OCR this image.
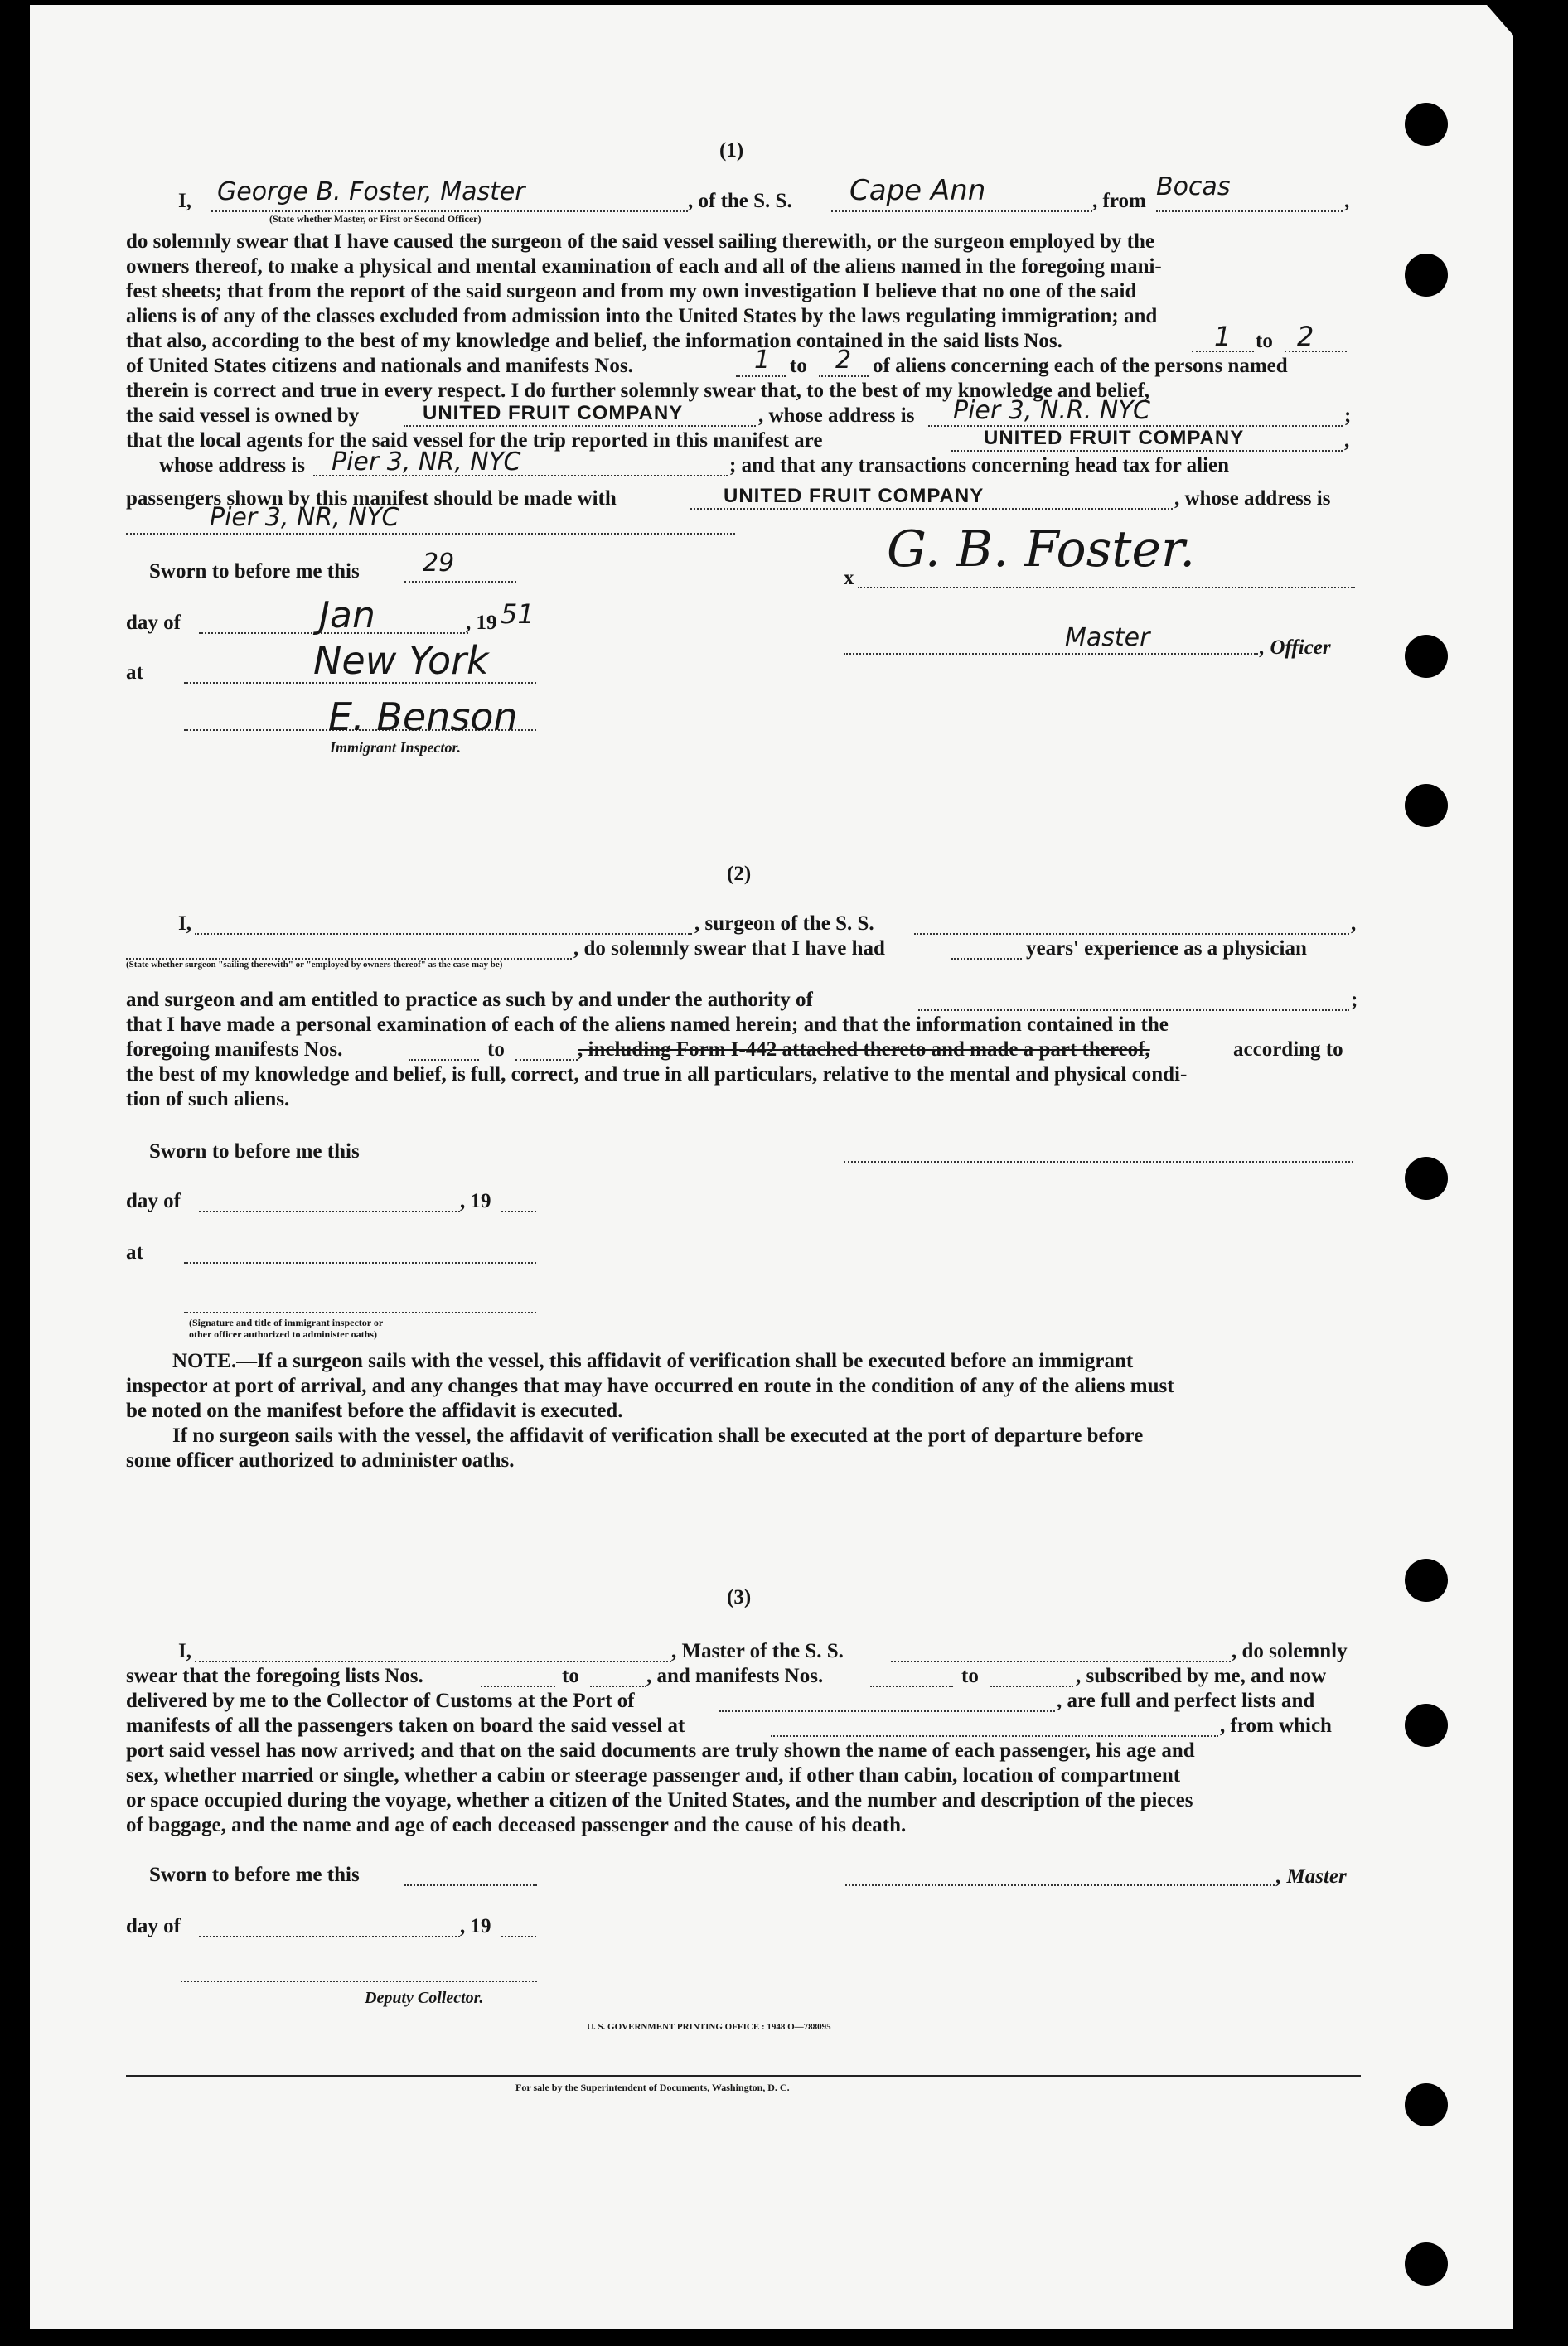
(1)
I, George B. Foster, Master	, of the S. S. Cape Ann	, from Bocas	,
(State whether Master, or First or Second Officer)
do solemnly swear that I have caused the surgeon of the said vessel sailing therewith, or the surgeon employed by the
owners thereof, to make a physical and mental examination of each and all of the aliens named in the foregoing mani-
fest sheets; that from the report of the said surgeon and from my own investigation I believe that no one of the said
aliens is of any of the classes excluded from admission into the United States by the laws regulating immigration; and
that also, according to the best of my knowledge and belief, the information contained in the said lists Nos.	1 to 2
of United States citizens and nationals and manifests Nos.	1 to 2 of aliens concerning each of the persons named
therein is correct and true in every respect. I do further solemnly swear that, to the best of my knowledge and belief,
the said vessel is owned by	UNITED FRUIT COMPANY	, whose address is Pier 3, N.R. NYC	;
that the local agents for the said vessel for the trip reported in this manifest are	UNITED FRUIT COMPANY	,
whose address is Pier 3, NR, NYC	; and that any transactions concerning head tax for alien
passengers shown by this manifest should be made with	UNITED FRUIT COMPANY	, whose address is
Pier 3, NR, NYC
Sworn to before me this	29
x G. B. Foster.
day of	Jan	, 19 51
Master	, Officer
at	New York
E. Benson
Immigrant Inspector.
(2)
I,	, surgeon of the S. S.	,
, do solemnly swear that I have had	years' experience as a physician
(State whether surgeon "sailing therewith" or "employed by owners thereof" as the case may be)
and surgeon and am entitled to practice as such by and under the authority of	;
that I have made a personal examination of each of the aliens named herein; and that the information contained in the
foregoing manifests Nos.	to	, including Form I-442 attached thereto and made a part thereof,	according to
the best of my knowledge and belief, is full, correct, and true in all particulars, relative to the mental and physical condi-
tion of such aliens.
Sworn to before me this
day of	, 19
at
(Signature and title of immigrant inspector or
other officer authorized to administer oaths)
NOTE.—If a surgeon sails with the vessel, this affidavit of verification shall be executed before an immigrant
inspector at port of arrival, and any changes that may have occurred en route in the condition of any of the aliens must
be noted on the manifest before the affidavit is executed.
If no surgeon sails with the vessel, the affidavit of verification shall be executed at the port of departure before
some officer authorized to administer oaths.
(3)
I,	, Master of the S. S.	, do solemnly
swear that the foregoing lists Nos.	to	, and manifests Nos.	to	, subscribed by me, and now
delivered by me to the Collector of Customs at the Port of	, are full and perfect lists and
manifests of all the passengers taken on board the said vessel at	, from which
port said vessel has now arrived; and that on the said documents are truly shown the name of each passenger, his age and
sex, whether married or single, whether a cabin or steerage passenger and, if other than cabin, location of compartment
or space occupied during the voyage, whether a citizen of the United States, and the number and description of the pieces
of baggage, and the name and age of each deceased passenger and the cause of his death.
Sworn to before me this	, Master
day of	, 19
Deputy Collector.
U. S. GOVERNMENT PRINTING OFFICE : 1948 O—788095
For sale by the Superintendent of Documents, Washington, D. C.
